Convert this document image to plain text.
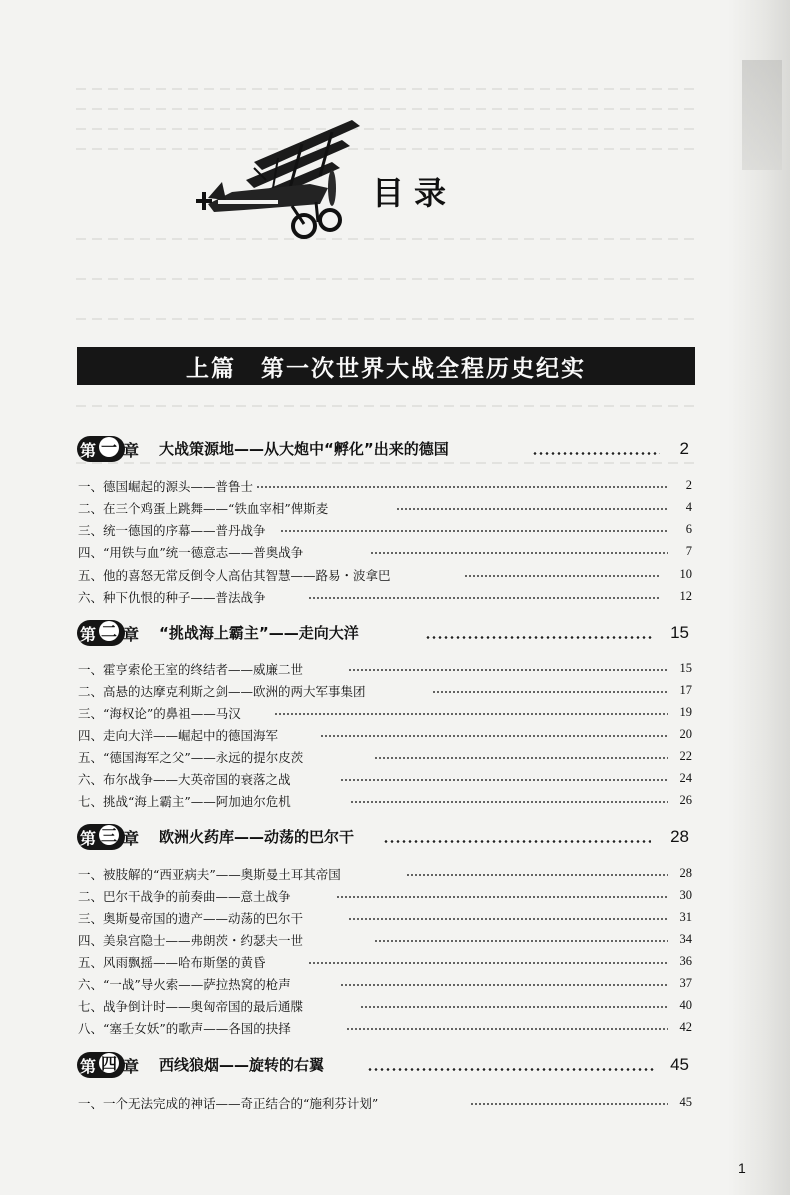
目录
上篇　第一次世界大战全程历史纪实
第 一 章 大战策源地——从大炮中“孵化”出来的德国	2
一、德国崛起的源头——普鲁士	2
二、在三个鸡蛋上跳舞——“铁血宰相”俾斯麦	4
三、统一德国的序幕——普丹战争	6
四、“用铁与血”统一德意志——普奥战争	7
五、他的喜怒无常反倒令人高估其智慧——路易・波拿巴	10
六、种下仇恨的种子——普法战争	12
第 二 章 “挑战海上霸主”——走向大洋	15
一、霍亨索伦王室的终结者——威廉二世	15
二、高悬的达摩克利斯之剑——欧洲的两大军事集团	17
三、“海权论”的鼻祖——马汉	19
四、走向大洋——崛起中的德国海军	20
五、“德国海军之父”——永远的提尔皮茨	22
六、布尔战争——大英帝国的衰落之战	24
七、挑战“海上霸主”——阿加迪尔危机	26
第 三 章 欧洲火药库——动荡的巴尔干	28
一、被肢解的“西亚病夫”——奥斯曼土耳其帝国	28
二、巴尔干战争的前奏曲——意土战争	30
三、奥斯曼帝国的遗产——动荡的巴尔干	31
四、美泉宫隐士——弗朗茨・约瑟夫一世	34
五、风雨飘摇——哈布斯堡的黄昏	36
六、“一战”导火索——萨拉热窝的枪声	37
七、战争倒计时——奥匈帝国的最后通牒	40
八、“塞壬女妖”的歌声——各国的抉择	42
第 四 章 西线狼烟——旋转的右翼	45
一、一个无法完成的神话——奇正结合的“施利芬计划”	45
1
